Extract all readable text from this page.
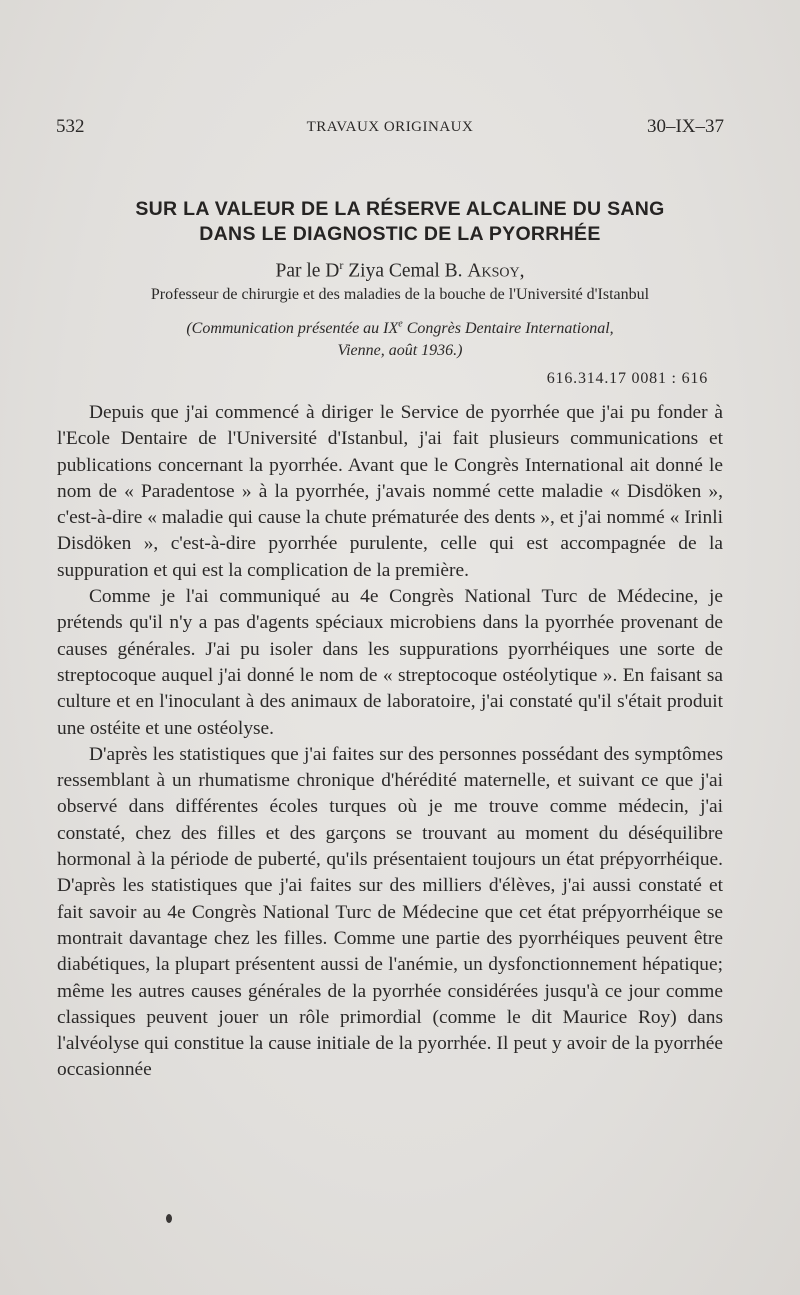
532	TRAVAUX ORIGINAUX	30–IX–37
SUR LA VALEUR DE LA RÉSERVE ALCALINE DU SANG
DANS LE DIAGNOSTIC DE LA PYORRHÉE
Par le $D^r$ Ziya Cemal B. Aksoy,
Professeur de chirurgie et des maladies de la bouche de l'Université d'Istanbul
(Communication présentée au IXe Congrès Dentaire International,
Vienne, août 1936.)
616.314.17 0081 : 616

Depuis que j'ai commencé à diriger le Service de pyorrhée que j'ai pu fonder à l'Ecole Dentaire de l'Université d'Istanbul, j'ai fait plusieurs communications et publications concernant la pyorrhée. Avant que le Congrès International ait donné le nom de « Paradentose » à la pyorrhée, j'avais nommé cette maladie « Disdöken », c'est-à-dire « maladie qui cause la chute prématurée des dents », et j'ai nommé « Irinli Disdöken », c'est-à-dire pyorrhée purulente, celle qui est accompagnée de la suppuration et qui est la complication de la première.

Comme je l'ai communiqué au 4e Congrès National Turc de Médecine, je prétends qu'il n'y a pas d'agents spéciaux microbiens dans la pyorrhée provenant de causes générales. J'ai pu isoler dans les suppurations pyorrhéiques une sorte de streptocoque auquel j'ai donné le nom de « streptocoque ostéolytique ». En faisant sa culture et en l'inoculant à des animaux de laboratoire, j'ai constaté qu'il s'était produit une ostéite et une ostéolyse.

D'après les statistiques que j'ai faites sur des personnes possédant des symptômes ressemblant à un rhumatisme chronique d'hérédité maternelle, et suivant ce que j'ai observé dans différentes écoles turques où je me trouve comme médecin, j'ai constaté, chez des filles et des garçons se trouvant au moment du déséquilibre hormonal à la période de puberté, qu'ils présentaient toujours un état prépyorrhéique. D'après les statistiques que j'ai faites sur des milliers d'élèves, j'ai aussi constaté et fait savoir au 4e Congrès National Turc de Médecine que cet état prépyorrhéique se montrait davantage chez les filles. Comme une partie des pyorrhéiques peuvent être diabétiques, la plupart présentent aussi de l'anémie, un dysfonctionnement hépatique; même les autres causes générales de la pyorrhée considérées jusqu'à ce jour comme classiques peuvent jouer un rôle primordial (comme le dit Maurice Roy) dans l'alvéolyse qui constitue la cause initiale de la pyorrhée. Il peut y avoir de la pyorrhée occasionnée
